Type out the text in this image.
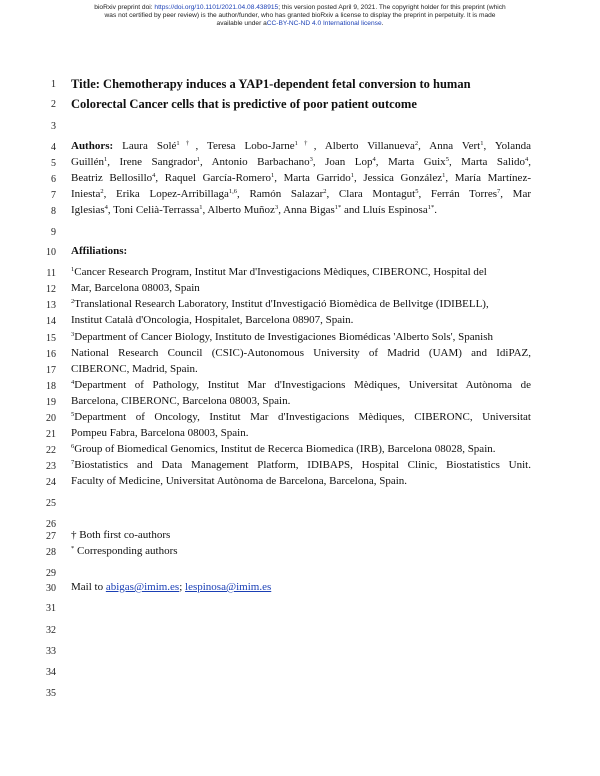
bioRxiv preprint doi: https://doi.org/10.1101/2021.04.08.438915; this version posted April 9, 2021. The copyright holder for this preprint (which
was not certified by peer review) is the author/funder, who has granted bioRxiv a license to display the preprint in perpetuity. It is made
available under aCC-BY-NC-ND 4.0 International license.
1
2
3
4
5
6
7
8
9
10
11
12
13
14
15
16
17
18
19
20
21
22
23
24
25
26
27
28
29
30
31
32
33
34
35
Title: Chemotherapy induces a YAP1-dependent fetal conversion to human
Colorectal Cancer cells that is predictive of poor patient outcome
Authors: Laura Solé$^{1\dagger}$, Teresa Lobo-Jarne$^{1\dagger}$, Alberto Villanueva$^2$, Anna Vert$^1$, Yolanda
Guillén$^1$, Irene Sangrador$^1$, Antonio Barbachano$^3$, Joan Lop$^4$, Marta Guix$^5$, Marta Salido$^4$,
Beatriz Bellosillo$^4$, Raquel García-Romero$^1$, Marta Garrido$^1$, Jessica González$^1$, María Martínez-
Iniesta$^2$, Erika Lopez-Arribillaga$^{1,6}$, Ramón Salazar$^2$, Clara Montagut$^5$, Ferrán Torres$^7$, Mar
Iglesias$^4$, Toni Celià-Terrassa$^1$, Alberto Muñoz$^3$, Anna Bigas$^{1*}$ and Lluís Espinosa$^{1*}$.
Affiliations:
$^1$Cancer Research Program, Institut Mar d'Investigacions Mèdiques, CIBERONC, Hospital del
Mar, Barcelona 08003, Spain
$^2$Translational Research Laboratory, Institut d'Investigació Biomèdica de Bellvitge (IDIBELL),
Institut Català d'Oncologia, Hospitalet, Barcelona 08907, Spain.
$^3$Department of Cancer Biology, Instituto de Investigaciones Biomédicas 'Alberto Sols', Spanish
National Research Council (CSIC)-Autonomous University of Madrid (UAM) and IdiPAZ,
CIBERONC, Madrid, Spain.
$^4$Department of Pathology, Institut Mar d'Investigacions Mèdiques, Universitat Autònoma de
Barcelona, CIBERONC, Barcelona 08003, Spain.
$^5$Department of Oncology, Institut Mar d'Investigacions Mèdiques, CIBERONC, Universitat
Pompeu Fabra, Barcelona 08003, Spain.
$^6$Group of Biomedical Genomics, Institut de Recerca Biomedica (IRB), Barcelona 08028, Spain.
$^7$Biostatistics and Data Management Platform, IDIBAPS, Hospital Clinic, Biostatistics Unit.
Faculty of Medicine, Universitat Autònoma de Barcelona, Barcelona, Spain.
† Both first co-authors
* Corresponding authors
Mail to abigas@imim.es; lespinosa@imim.es
